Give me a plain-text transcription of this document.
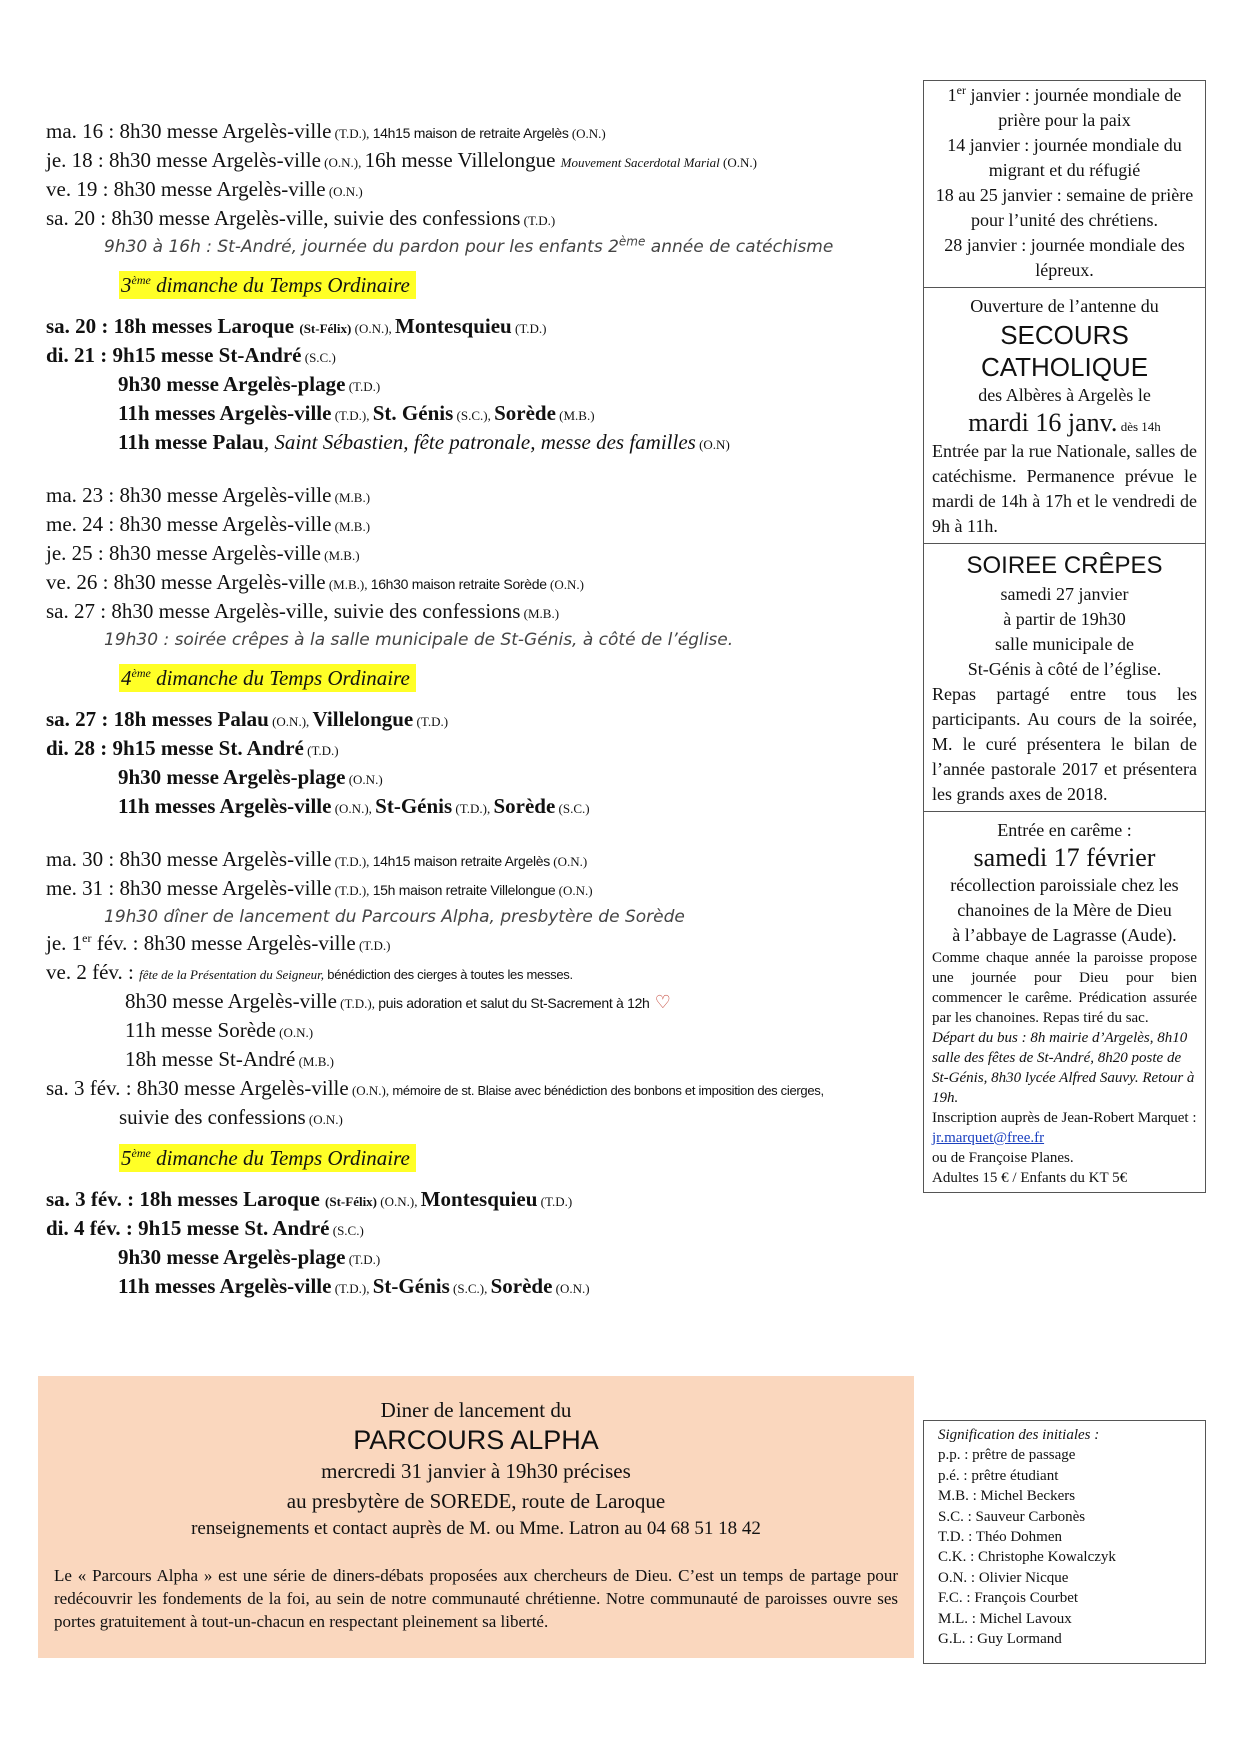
ma. 16 : 8h30 messe Argelès-ville (T.D.), 14h15 maison de retraite Argelès (O.N.)
je. 18 : 8h30 messe Argelès-ville (O.N.), 16h messe Villelongue Mouvement Sacerdotal Marial (O.N.)
ve. 19 : 8h30 messe Argelès-ville (O.N.)
sa. 20 : 8h30 messe Argelès-ville, suivie des confessions (T.D.)
9h30 à 16h : St-André, journée du pardon pour les enfants 2ème année de catéchisme
3ème dimanche du Temps Ordinaire
sa. 20 : 18h messes Laroque (St-Félix) (O.N.), Montesquieu (T.D.)
di. 21 : 9h15 messe St-André (S.C.)
9h30 messe Argelès-plage (T.D.)
11h messes Argelès-ville (T.D.), St. Génis (S.C.), Sorède (M.B.)
11h messe Palau, Saint Sébastien, fête patronale, messe des familles (O.N)
ma. 23 : 8h30 messe Argelès-ville (M.B.)
me. 24 : 8h30 messe Argelès-ville (M.B.)
je. 25 : 8h30 messe Argelès-ville (M.B.)
ve. 26 : 8h30 messe Argelès-ville (M.B.), 16h30 maison retraite Sorède (O.N.)
sa. 27 : 8h30 messe Argelès-ville, suivie des confessions (M.B.)
19h30 : soirée crêpes à la salle municipale de St-Génis, à côté de l’église.
4ème dimanche du Temps Ordinaire
sa. 27 : 18h messes Palau (O.N.), Villelongue (T.D.)
di. 28 : 9h15 messe St. André (T.D.)
9h30 messe Argelès-plage (O.N.)
11h messes Argelès-ville (O.N.), St-Génis (T.D.), Sorède (S.C.)
ma. 30 : 8h30 messe Argelès-ville (T.D.), 14h15 maison retraite Argelès (O.N.)
me. 31 : 8h30 messe Argelès-ville (T.D.), 15h maison retraite Villelongue (O.N.)
19h30 dîner de lancement du Parcours Alpha, presbytère de Sorède
je. 1er fév. : 8h30 messe Argelès-ville (T.D.)
ve. 2 fév. : fête de la Présentation du Seigneur, bénédiction des cierges à toutes les messes.
8h30 messe Argelès-ville (T.D.), puis adoration et salut du St-Sacrement à 12h ♡
11h messe Sorède (O.N.)
18h messe St-André (M.B.)
sa. 3 fév. : 8h30 messe Argelès-ville (O.N.), mémoire de st. Blaise avec bénédiction des bonbons et imposition des cierges,
suivie des confessions (O.N.)
5ème dimanche du Temps Ordinaire
sa. 3 fév. : 18h messes Laroque (St-Félix) (O.N.), Montesquieu (T.D.)
di. 4 fév. : 9h15 messe St. André (S.C.)
9h30 messe Argelès-plage (T.D.)
11h messes Argelès-ville (T.D.), St-Génis (S.C.), Sorède (O.N.)
1er janvier : journée mondiale de prière pour la paix
14 janvier : journée mondiale du migrant et du réfugié
18 au 25 janvier : semaine de prière pour l’unité des chrétiens.
28 janvier : journée mondiale des lépreux.
Ouverture de l’antenne du
SECOURS CATHOLIQUE
des Albères à Argelès le
mardi 16 janv. dès 14h
Entrée par la rue Nationale, salles de catéchisme. Permanence prévue le mardi de 14h à 17h et le vendredi de 9h à 11h.
SOIREE CRÊPES
samedi 27 janvier
à partir de 19h30
salle municipale de
St-Génis à côté de l’église.
Repas partagé entre tous les participants. Au cours de la soirée, M. le curé présentera le bilan de l’année pastorale 2017 et présentera les grands axes de 2018.
Entrée en carême :
samedi 17 février
récollection paroissiale chez les chanoines de la Mère de Dieu
à l’abbaye de Lagrasse (Aude).
Comme chaque année la paroisse propose une journée pour Dieu pour bien commencer le carême. Prédication assurée par les chanoines. Repas tiré du sac.
Départ du bus : 8h mairie d’Argelès, 8h10 salle des fêtes de St-André, 8h20 poste de St-Génis, 8h30 lycée Alfred Sauvy. Retour à 19h.
Inscription auprès de Jean-Robert Marquet : jr.marquet@free.fr
ou de Françoise Planes.
Adultes 15 € / Enfants du KT 5€
Diner de lancement du
PARCOURS ALPHA
mercredi 31 janvier à 19h30 précises
au presbytère de SOREDE, route de Laroque
renseignements et contact auprès de M. ou Mme. Latron au 04 68 51 18 42
Le « Parcours Alpha » est une série de diners-débats proposées aux chercheurs de Dieu. C’est un temps de partage pour redécouvrir les fondements de la foi, au sein de notre communauté chrétienne. Notre communauté de paroisses ouvre ses portes gratuitement à tout-un-chacun en respectant pleinement sa liberté.
Signification des initiales :
p.p. : prêtre de passage
p.é. : prêtre étudiant
M.B. : Michel Beckers
S.C. : Sauveur Carbonès
T.D. : Théo Dohmen
C.K. : Christophe Kowalczyk
O.N. : Olivier Nicque
F.C. : François Courbet
M.L. : Michel Lavoux
G.L. : Guy Lormand
